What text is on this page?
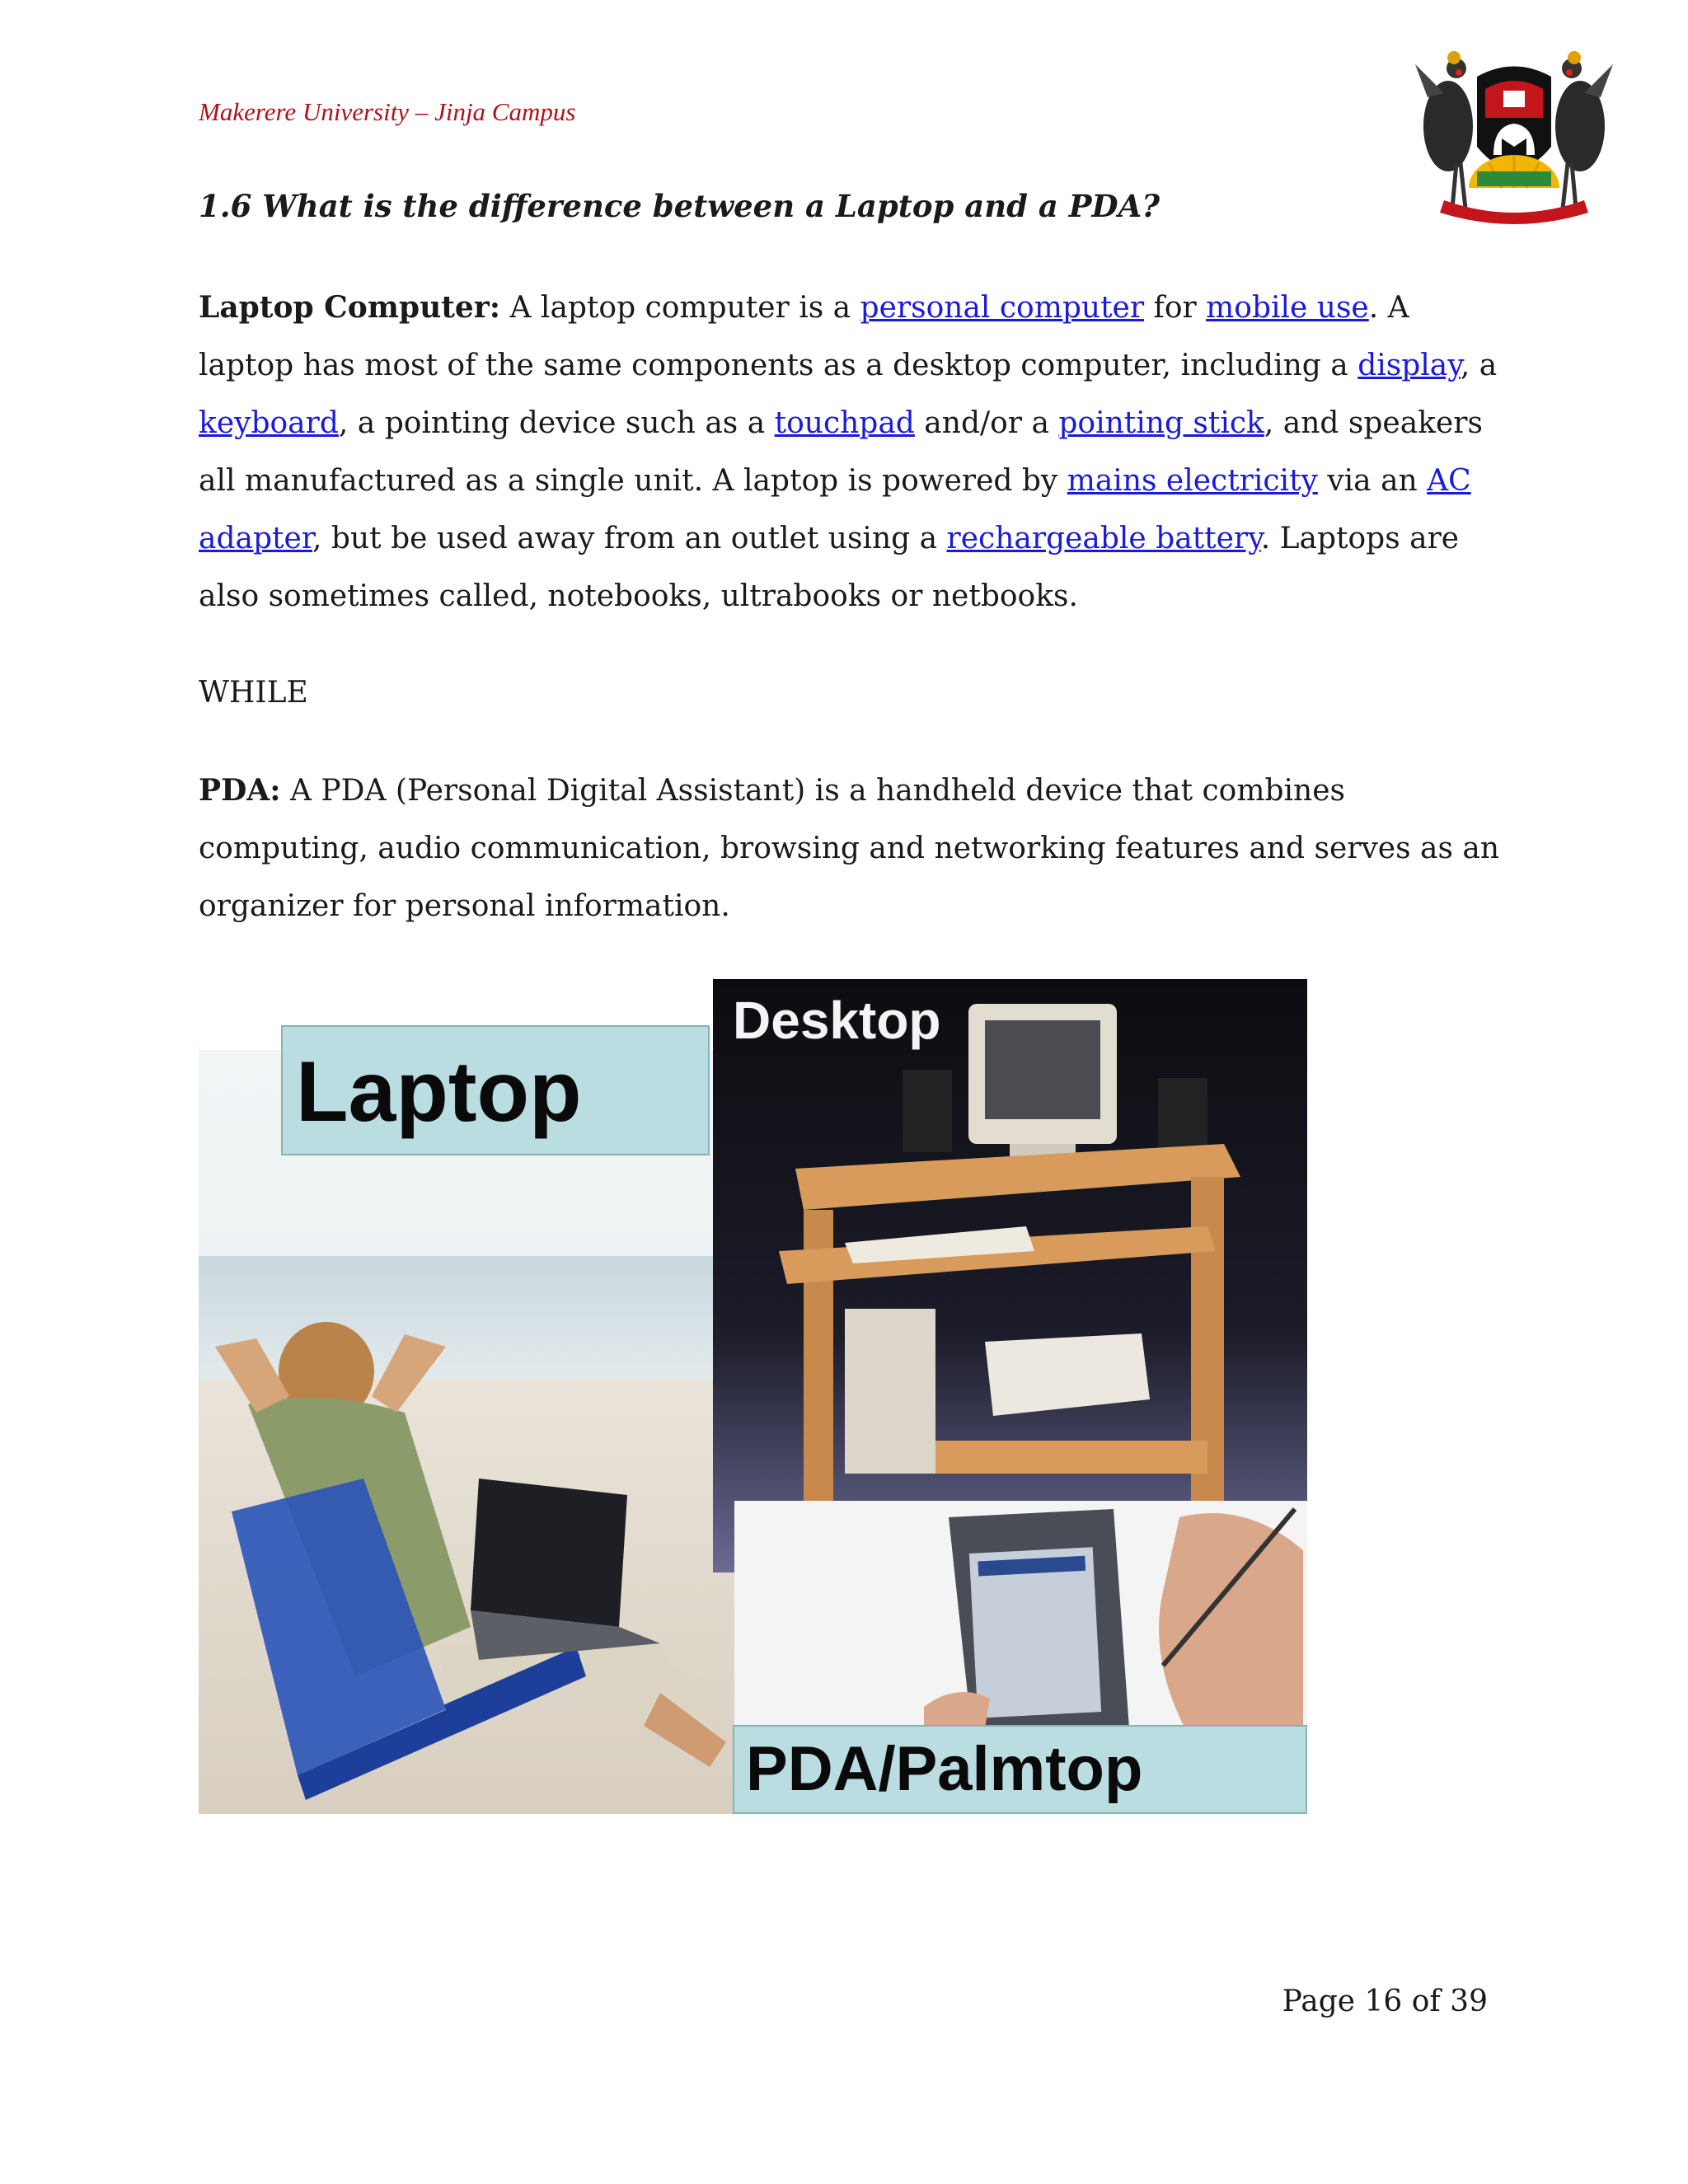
Makerere University – Jinja Campus
1.6 What is the difference between a Laptop and a PDA?

Laptop Computer: A laptop computer is a personal computer for mobile use. A laptop has most of the same components as a desktop computer, including a display, a keyboard, a pointing device such as a touchpad and/or a pointing stick, and speakers all manufactured as a single unit. A laptop is powered by mains electricity via an AC adapter, but be used away from an outlet using a rechargeable battery. Laptops are also sometimes called, notebooks, ultrabooks or netbooks.

WHILE

PDA: A PDA (Personal Digital Assistant) is a handheld device that combines computing, audio communication, browsing and networking features and serves as an organizer for personal information.

Laptop
Desktop
PDA/Palmtop
Page 16 of 39
